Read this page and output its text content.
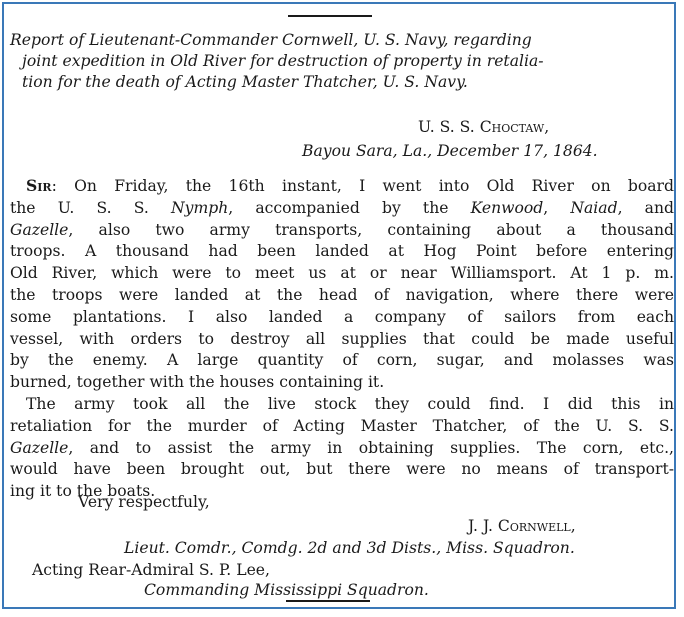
Report of Lieutenant-Commander Cornwell, U. S. Navy, regarding
joint expedition in Old River for destruction of property in retalia-
tion for the death of Acting Master Thatcher, U. S. Navy.
U. S. S. Choctaw,
Bayou Sara, La., December 17, 1864.

Sir: On Friday, the 16th instant, I went into Old River on board
the U. S. S. Nymph, accompanied by the Kenwood, Naiad, and
Gazelle, also two army transports, containing about a thousand
troops. A thousand had been landed at Hog Point before entering
Old River, which were to meet us at or near Williamsport. At 1 p. m.
the troops were landed at the head of navigation, where there were
some plantations. I also landed a company of sailors from each
vessel, with orders to destroy all supplies that could be made useful
by the enemy. A large quantity of corn, sugar, and molasses was
burned, together with the houses containing it.

The army took all the live stock they could find. I did this in
retaliation for the murder of Acting Master Thatcher, of the U. S. S.
Gazelle, and to assist the army in obtaining supplies. The corn, etc.,
would have been brought out, but there were no means of transport-
ing it to the boats.

Very respectfuly,
J. J. Cornwell,
Lieut. Comdr., Comdg. 2d and 3d Dists., Miss. Squadron.
Acting Rear-Admiral S. P. Lee,
Commanding Mississippi Squadron.
